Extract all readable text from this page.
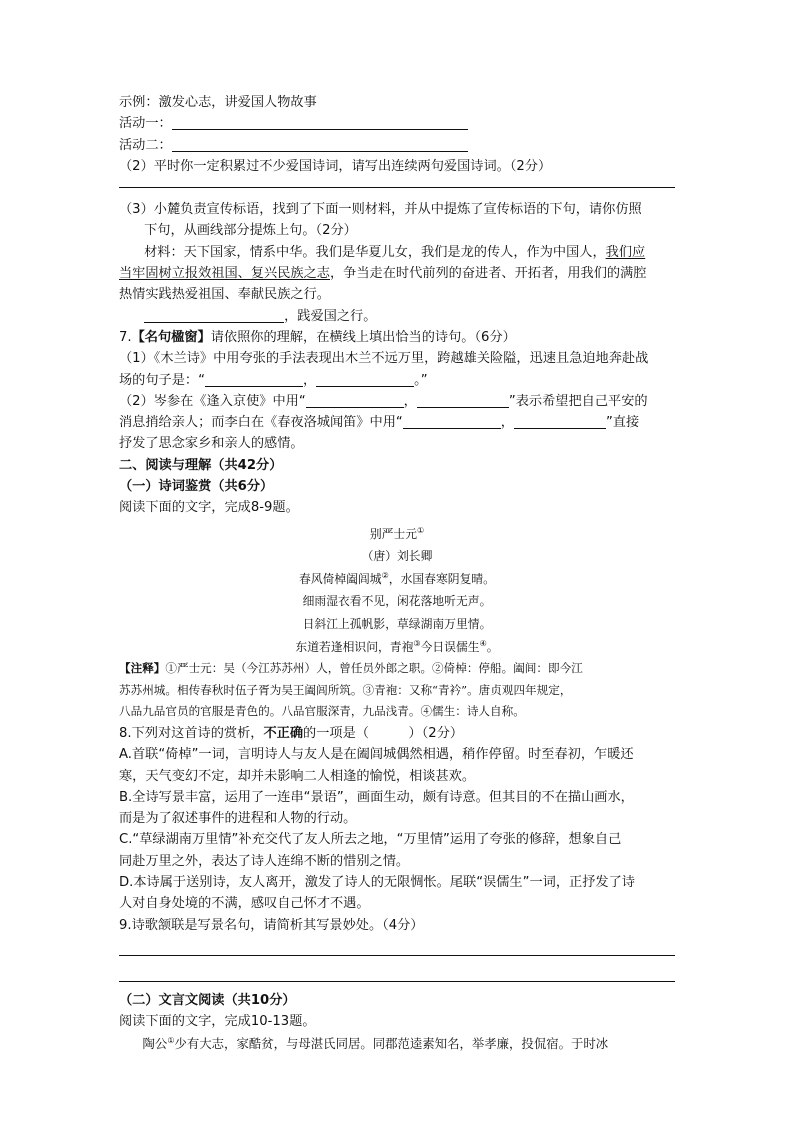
示例：激发心志，讲爱国人物故事
活动一：
活动二：
（2）平时你一定积累过不少爱国诗词，请写出连续两句爱国诗词。（2分）
（3）小麓负责宣传标语，找到了下面一则材料，并从中提炼了宣传标语的下句，请你仿照
下句，从画线部分提炼上句。（2分）
材料：天下国家，情系中华。我们是华夏儿女，我们是龙的传人，作为中国人，我们应
当牢固树立报效祖国、复兴民族之志，争当走在时代前列的奋进者、开拓者，用我们的满腔
热情实践热爱祖国、奉献民族之行。
，践爱国之行。
7.【名句楹窗】请依照你的理解，在横线上填出恰当的诗句。（6分）
（1）《木兰诗》中用夸张的手法表现出木兰不远万里，跨越雄关险隘，迅速且急迫地奔赴战
场的句子是：“	，	。”
（2）岑参在《逢入京使》中用“	，	”表示希望把自己平安的
消息捎给亲人；而李白在《春夜洛城闻笛》中用“	，	”直接
抒发了思念家乡和亲人的感情。
二、阅读与理解（共42分）
（一）诗词鉴赏（共6分）
阅读下面的文字，完成8-9题。
别严士元①
（唐）刘长卿
春风倚棹阖闾城②，水国春寒阴复晴。
细雨湿衣看不见，闲花落地听无声。
日斜江上孤帆影，草绿湖南万里情。
东道若逢相识问，青袍③今日误儒生④。
【注释】①严士元：吴（今江苏苏州）人，曾任员外郎之职。②倚棹：停船。阖闾：即今江
苏苏州城。相传春秋时伍子胥为吴王阖闾所筑。③青袍：又称“青衿”。唐贞观四年规定，
八品九品官员的官服是青色的。八品官服深青，九品浅青。④儒生：诗人自称。
8.下列对这首诗的赏析，不正确的一项是（　　　）（2分）
A.首联“倚棹”一词，言明诗人与友人是在阖闾城偶然相遇，稍作停留。时至春初，乍暖还
寒，天气变幻不定，却并未影响二人相逢的愉悦，相谈甚欢。
B.全诗写景丰富，运用了一连串“景语”，画面生动，颇有诗意。但其目的不在描山画水，
而是为了叙述事件的进程和人物的行动。
C.“草绿湖南万里情”补充交代了友人所去之地，“万里情”运用了夸张的修辞，想象自己
同赴万里之外，表达了诗人连绵不断的惜别之情。
D.本诗属于送别诗，友人离开，激发了诗人的无限惆怅。尾联“误儒生”一词，正抒发了诗
人对自身处境的不满，感叹自己怀才不遇。
9.诗歌颔联是写景名句，请简析其写景妙处。（4分）
（二）文言文阅读（共10分）
阅读下面的文字，完成10-13题。
陶公①少有大志，家酷贫，与母湛氏同居。同郡范逵素知名，举孝廉，投侃宿。于时冰
